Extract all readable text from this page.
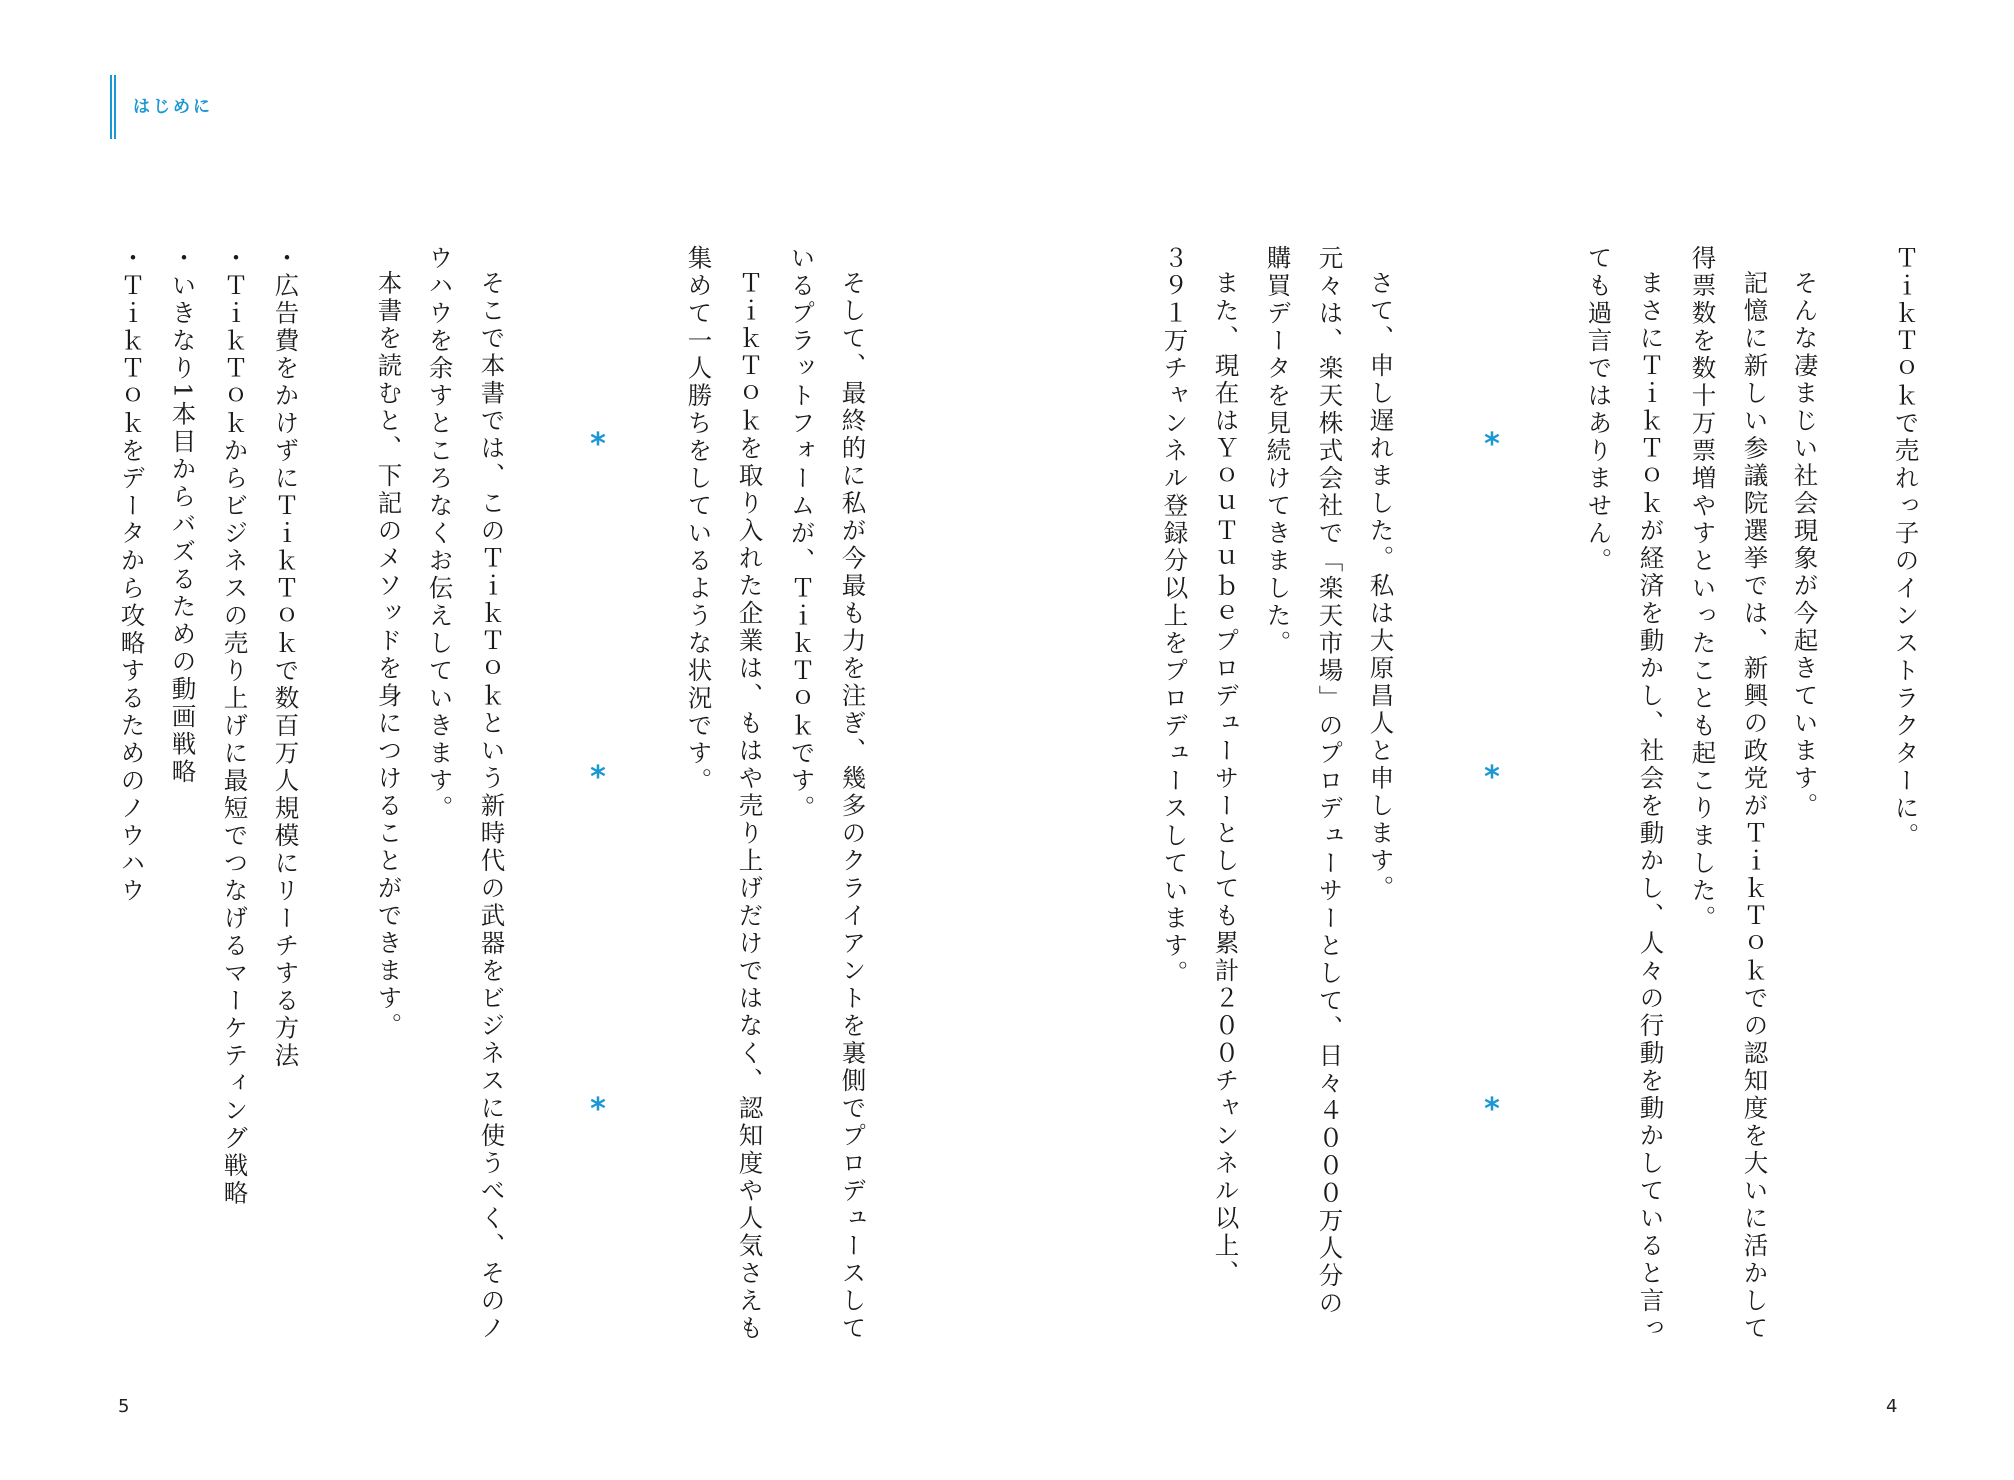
はじめに

ＴｉｋＴｏｋで売れっ子のインストラクターに。

そんな凄まじい社会現象が今起きています。

記憶に新しい参議院選挙では、新興の政党がＴｉｋＴｏｋでの認知度を大いに活かして

得票数を数十万票増やすといったことも起こりました。

まさにＴｉｋＴｏｋが経済を動かし、社会を動かし、人々の行動を動かしていると言っ

ても過言ではありません。

*
*
*

さて、申し遅れました。私は大原昌人と申します。

元々は、楽天株式会社で「楽天市場」のプロデューサーとして、日々４０００万人分の

購買データを見続けてきました。

また、現在はＹｏｕＴｕｂｅプロデューサーとしても累計２００チャンネル以上、

３９１万チャンネル登録分以上をプロデュースしています。

4

そして、最終的に私が今最も力を注ぎ、幾多のクライアントを裏側でプロデュースして

いるプラットフォームが、ＴｉｋＴｏｋです。

ＴｉｋＴｏｋを取り入れた企業は、もはや売り上げだけではなく、認知度や人気さえも

集めて一人勝ちをしているような状況です。

*
*
*

そこで本書では、このＴｉｋＴｏｋという新時代の武器をビジネスに使うべく、そのノ

ウハウを余すところなくお伝えしていきます。

本書を読むと、下記のメソッドを身につけることができます。

・広告費をかけずにＴｉｋＴｏｋで数百万人規模にリーチする方法

・ＴｉｋＴｏｋからビジネスの売り上げに最短でつなげるマーケティング戦略

・いきなり1本目からバズるための動画戦略

・ＴｉｋＴｏｋをデータから攻略するためのノウハウ

5
